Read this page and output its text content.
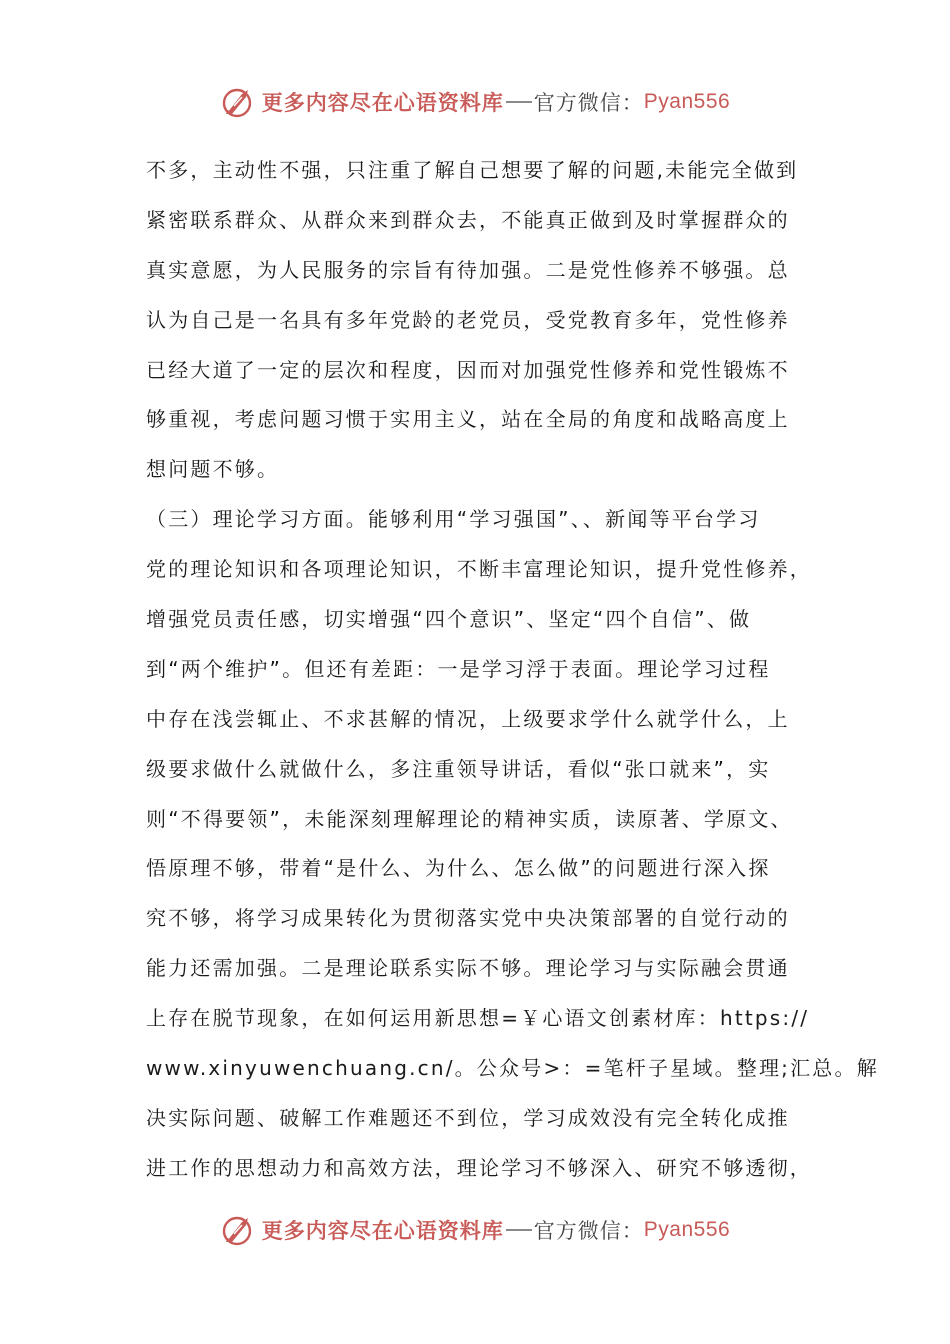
更多内容尽在心语资料库 官方微信： Pyan556
不多，主动性不强，只注重了解自己想要了解的问题,未能完全做到
紧密联系群众、从群众来到群众去，不能真正做到及时掌握群众的
真实意愿，为人民服务的宗旨有待加强。二是党性修养不够强。总
认为自己是一名具有多年党龄的老党员，受党教育多年，党性修养
已经大道了一定的层次和程度，因而对加强党性修养和党性锻炼不
够重视，考虑问题习惯于实用主义，站在全局的角度和战略高度上
想问题不够。
（三）理论学习方面。能够利用“学习强国”、、新闻等平台学习
党的理论知识和各项理论知识，不断丰富理论知识，提升党性修养，
增强党员责任感，切实增强“四个意识”、坚定“四个自信”、做
到“两个维护”。但还有差距：一是学习浮于表面。理论学习过程
中存在浅尝辄止、不求甚解的情况，上级要求学什么就学什么，上
级要求做什么就做什么，多注重领导讲话，看似“张口就来”，实
则“不得要领”，未能深刻理解理论的精神实质，读原著、学原文、
悟原理不够，带着“是什么、为什么、怎么做”的问题进行深入探
究不够，将学习成果转化为贯彻落实党中央决策部署的自觉行动的
能力还需加强。二是理论联系实际不够。理论学习与实际融会贯通
上存在脱节现象，在如何运用新思想=￥心语文创素材库：https://
www.xinyuwenchuang.cn/。公众号>：=笔杆子星域。整理;汇总。解
决实际问题、破解工作难题还不到位，学习成效没有完全转化成推
进工作的思想动力和高效方法，理论学习不够深入、研究不够透彻，
更多内容尽在心语资料库 官方微信： Pyan556
